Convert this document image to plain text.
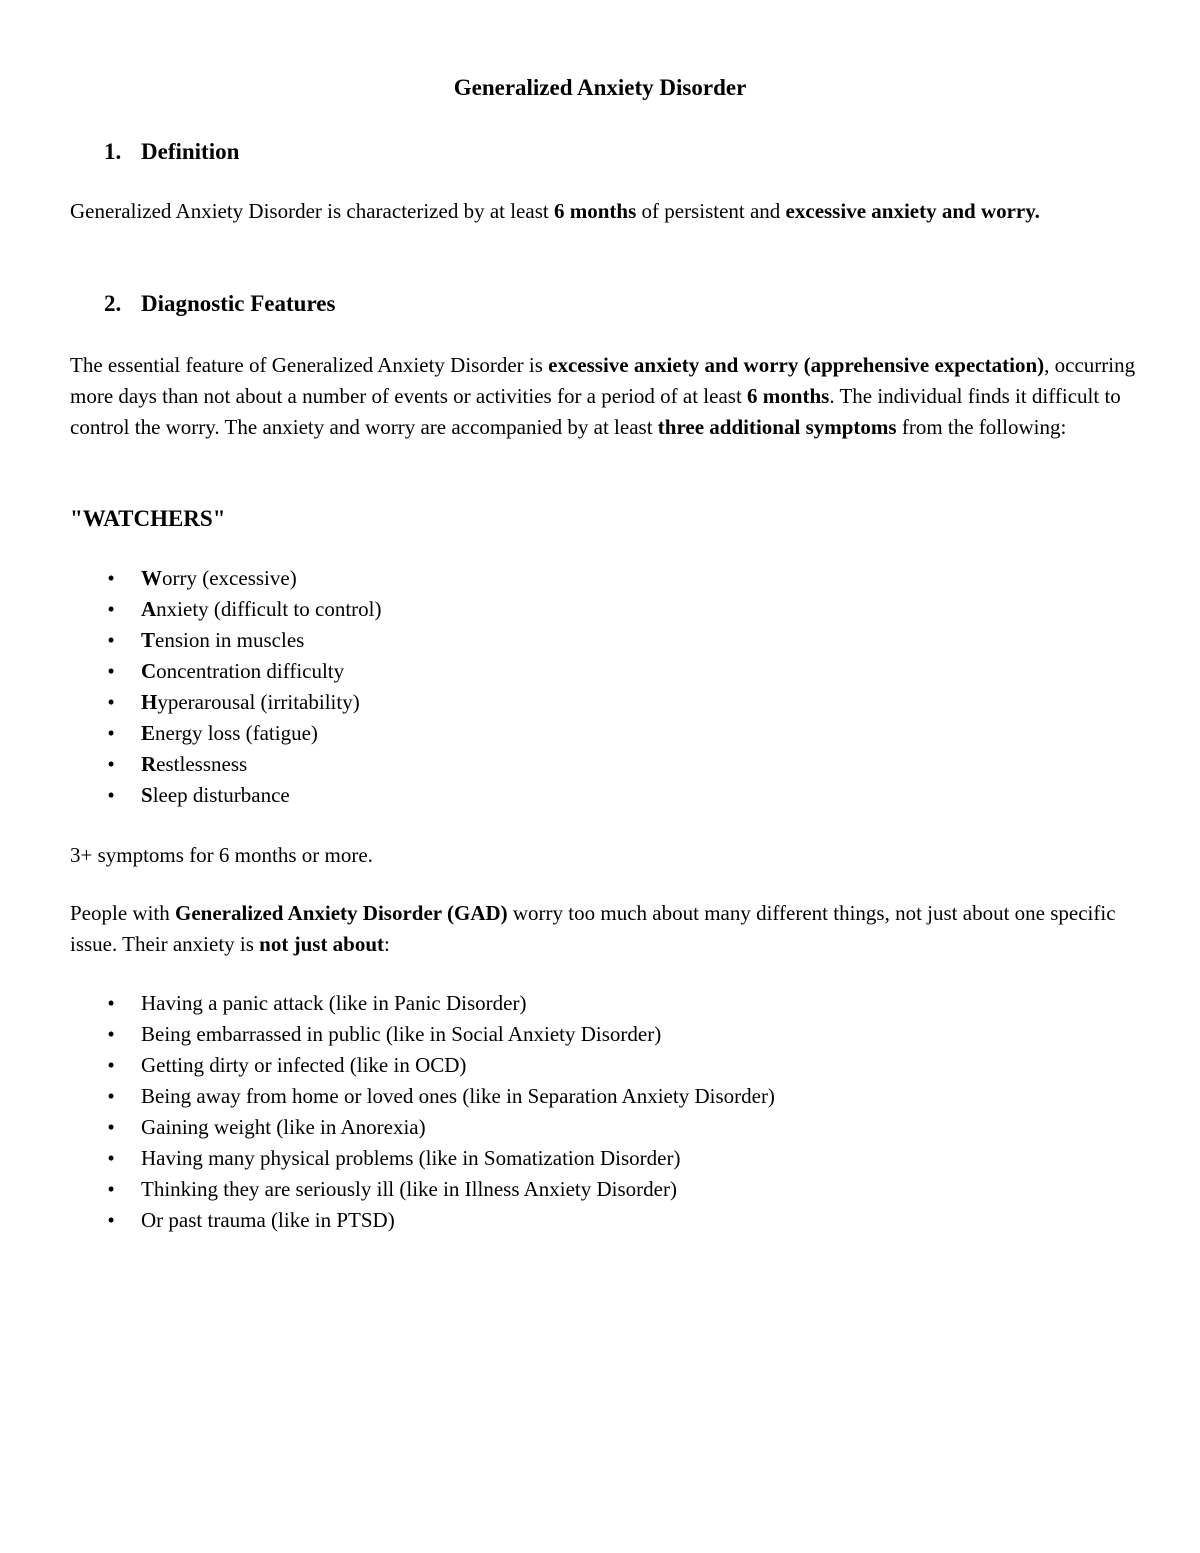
Generalized Anxiety Disorder
1. Definition

Generalized Anxiety Disorder is characterized by at least 6 months of persistent and excessive anxiety and worry.

2. Diagnostic Features

The essential feature of Generalized Anxiety Disorder is excessive anxiety and worry (apprehensive expectation), occurring more days than not about a number of events or activities for a period of at least 6 months. The individual finds it difficult to control the worry. The anxiety and worry are accompanied by at least three additional symptoms from the following:

"WATCHERS"
• Worry (excessive)
• Anxiety (difficult to control)
• Tension in muscles
• Concentration difficulty
• Hyperarousal (irritability)
• Energy loss (fatigue)
• Restlessness
• Sleep disturbance

3+ symptoms for 6 months or more.

People with Generalized Anxiety Disorder (GAD) worry too much about many different things, not just about one specific issue. Their anxiety is not just about:

• Having a panic attack (like in Panic Disorder)
• Being embarrassed in public (like in Social Anxiety Disorder)
• Getting dirty or infected (like in OCD)
• Being away from home or loved ones (like in Separation Anxiety Disorder)
• Gaining weight (like in Anorexia)
• Having many physical problems (like in Somatization Disorder)
• Thinking they are seriously ill (like in Illness Anxiety Disorder)
• Or past trauma (like in PTSD)
